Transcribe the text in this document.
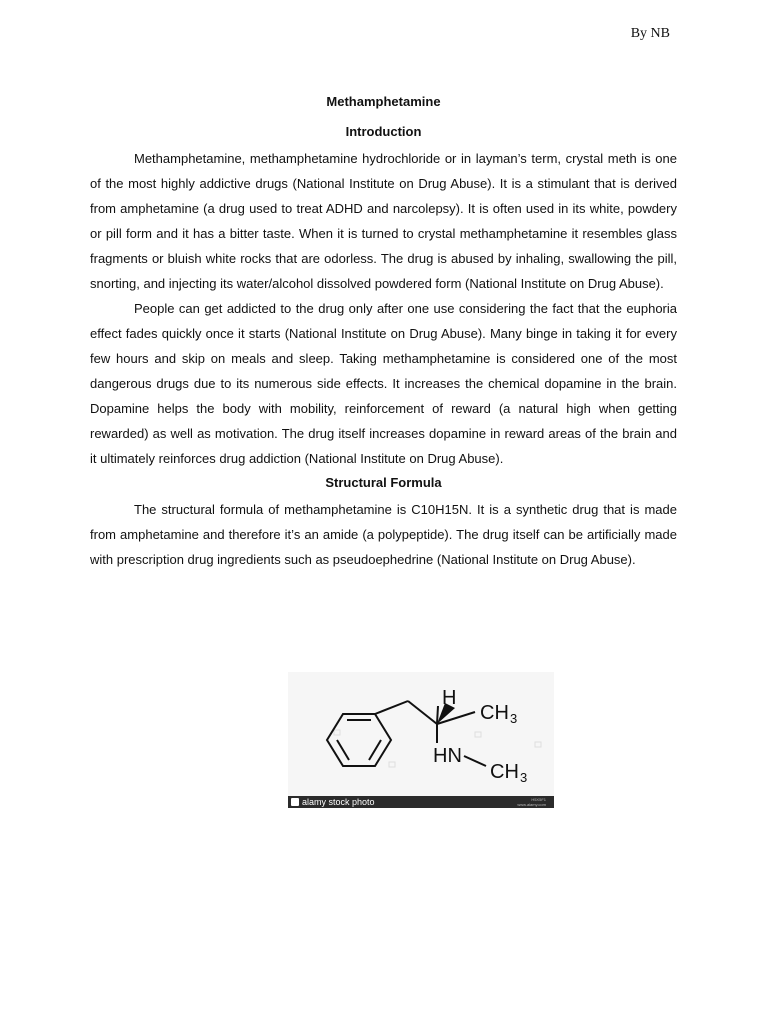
By NB
Methamphetamine
Introduction

Methamphetamine, methamphetamine hydrochloride or in layman’s term, crystal meth is one of the most highly addictive drugs (National Institute on Drug Abuse). It is a stimulant that is derived from amphetamine (a drug used to treat ADHD and narcolepsy). It is often used in its white, powdery or pill form and it has a bitter taste. When it is turned to crystal methamphetamine it resembles glass fragments or bluish white rocks that are odorless. The drug is abused by inhaling, swallowing the pill, snorting, and injecting its water/alcohol dissolved powdered form (National Institute on Drug Abuse).

People can get addicted to the drug only after one use considering the fact that the euphoria effect fades quickly once it starts (National Institute on Drug Abuse). Many binge in taking it for every few hours and skip on meals and sleep. Taking methamphetamine is considered one of the most dangerous drugs due to its numerous side effects. It increases the chemical dopamine in the brain. Dopamine helps the body with mobility, reinforcement of reward (a natural high when getting rewarded) as well as motivation. The drug itself increases dopamine in reward areas of the brain and it ultimately reinforces drug addiction (National Institute on Drug Abuse).

Structural Formula

The structural formula of methamphetamine is C10H15N. It is a synthetic drug that is made from amphetamine and therefore it’s an amide (a polypeptide). The drug itself can be artificially made with prescription drug ingredients such as pseudoephedrine (National Institute on Drug Abuse).

H
CH 3
HN
CH 3
alamy stock photo	H5X5F1
www.alamy.com
